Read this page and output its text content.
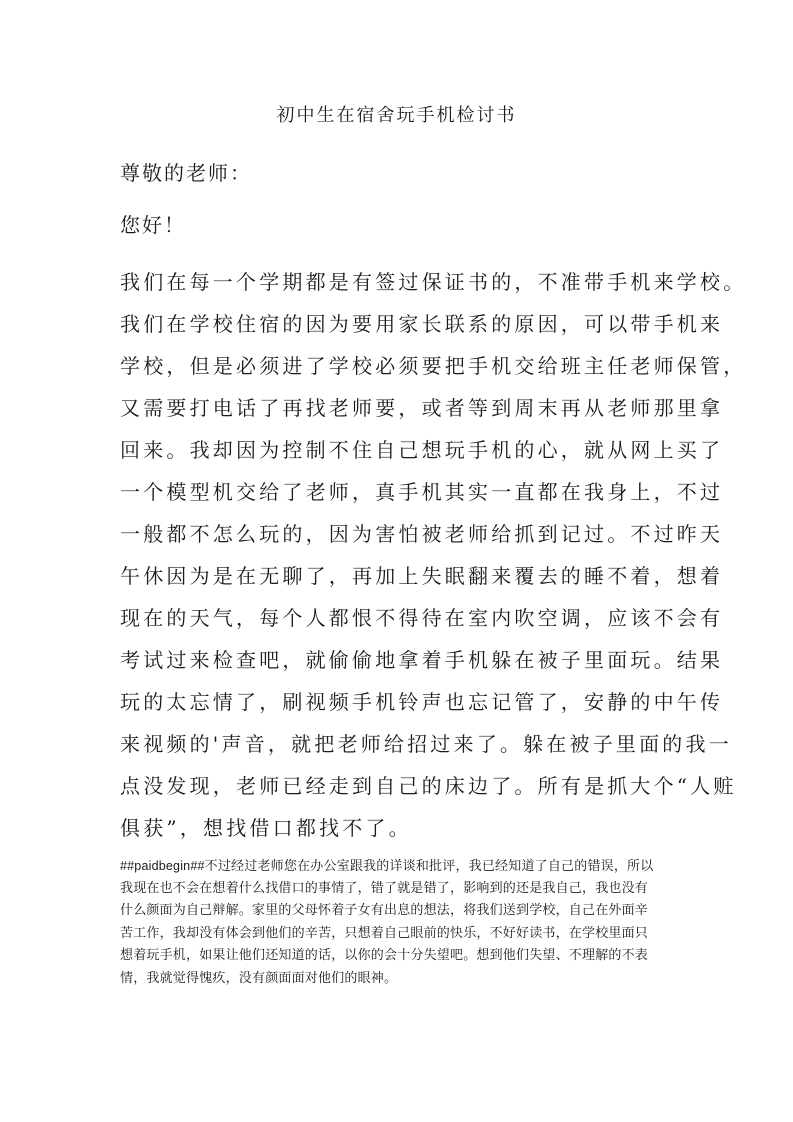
初中生在宿舍玩手机检讨书

尊敬的老师：

您好！

我们在每一个学期都是有签过保证书的，不准带手机来学校。

我们在学校住宿的因为要用家长联系的原因，可以带手机来

学校，但是必须进了学校必须要把手机交给班主任老师保管，

又需要打电话了再找老师要，或者等到周末再从老师那里拿

回来。我却因为控制不住自己想玩手机的心，就从网上买了

一个模型机交给了老师，真手机其实一直都在我身上，不过

一般都不怎么玩的，因为害怕被老师给抓到记过。不过昨天

午休因为是在无聊了，再加上失眠翻来覆去的睡不着，想着

现在的天气，每个人都恨不得待在室内吹空调，应该不会有

考试过来检查吧，就偷偷地拿着手机躲在被子里面玩。结果

玩的太忘情了，刷视频手机铃声也忘记管了，安静的中午传

来视频的'声音，就把老师给招过来了。躲在被子里面的我一

点没发现，老师已经走到自己的床边了。所有是抓大个“人赃

俱获”，想找借口都找不了。

##paidbegin##不过经过老师您在办公室跟我的详谈和批评，我已经知道了自己的错误，所以

我现在也不会在想着什么找借口的事情了，错了就是错了，影响到的还是我自己，我也没有

什么颜面为自己辩解。家里的父母怀着子女有出息的想法，将我们送到学校，自己在外面辛

苦工作，我却没有体会到他们的辛苦，只想着自己眼前的快乐，不好好读书，在学校里面只

想着玩手机，如果让他们还知道的话，以你的会十分失望吧。想到他们失望、不理解的不表

情，我就觉得愧疚，没有颜面面对他们的眼神。
